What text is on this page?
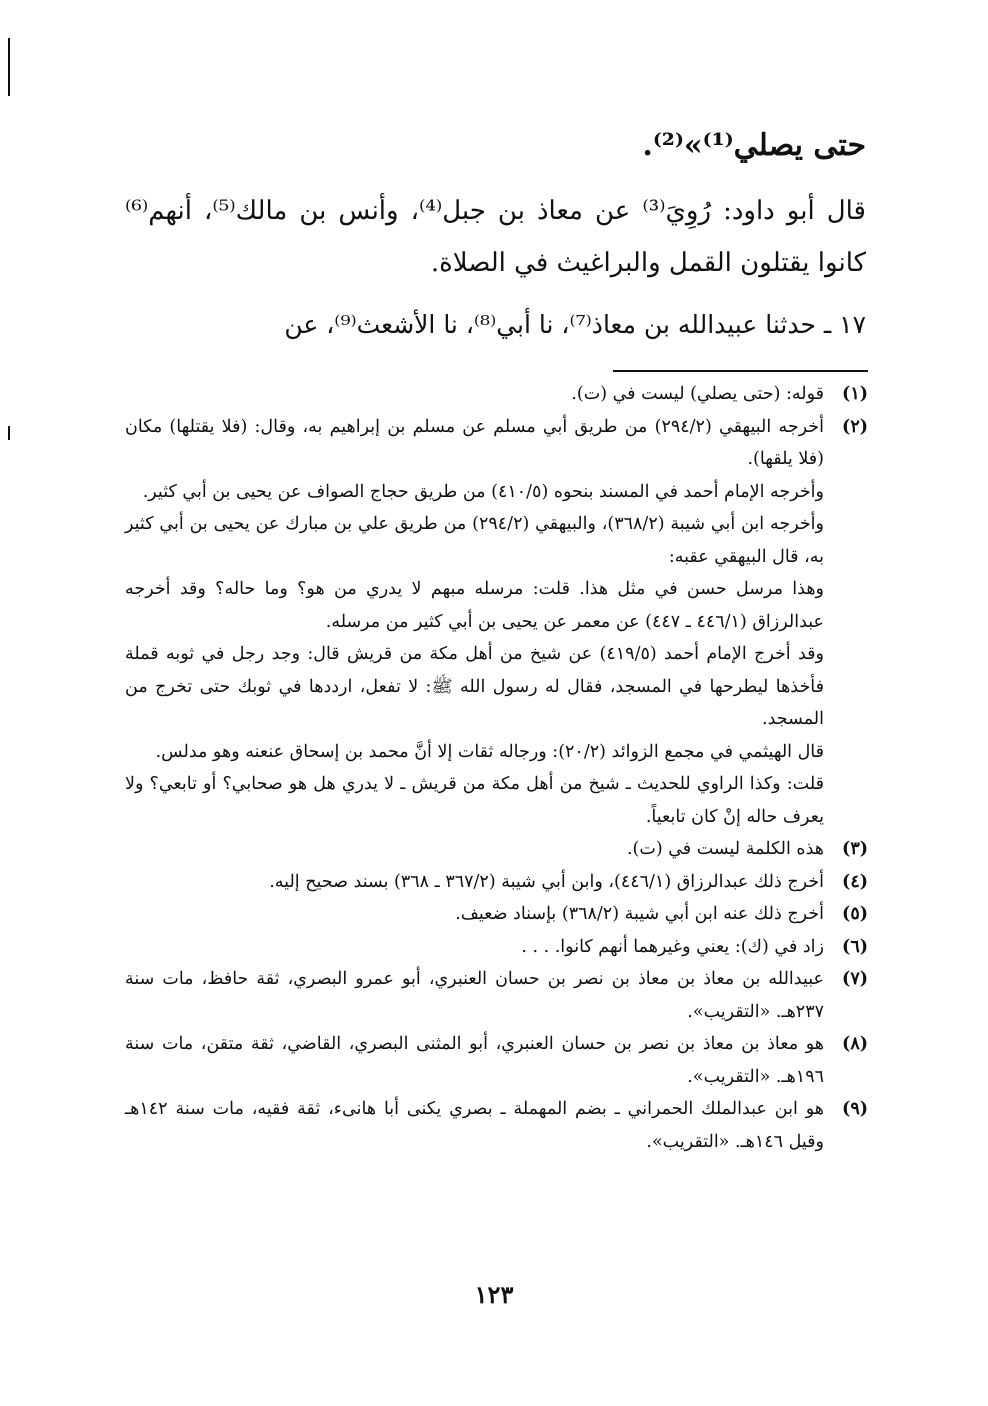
حتى يصلي⁽¹⁾»⁽²⁾.

قال أبو داود: رُوِيَ⁽³⁾ عن معاذ بن جبل⁽⁴⁾، وأنس بن مالك⁽⁵⁾، أنهم⁽⁶⁾ كانوا يقتلون القمل والبراغيث في الصلاة.

١٧ ـ حدثنا عبيدالله بن معاذ⁽⁷⁾، نا أبي⁽⁸⁾، نا الأشعث⁽⁹⁾، عن

(١)

قوله: (حتى يصلي) ليست في (ت).

(٢)

أخرجه البيهقي (٢٩٤/٢) من طريق أبي مسلم عن مسلم بن إبراهيم به، وقال: (فلا يقتلها) مكان (فلا يلقها).

وأخرجه الإمام أحمد في المسند بنحوه (٤١٠/٥) من طريق حجاج الصواف عن يحيى بن أبي كثير.

وأخرجه ابن أبي شيبة (٣٦٨/٢)، والبيهقي (٢٩٤/٢) من طريق علي بن مبارك عن يحيى بن أبي كثير به، قال البيهقي عقبه:

وهذا مرسل حسن في مثل هذا. قلت: مرسله مبهم لا يدري من هو؟ وما حاله؟ وقد أخرجه عبدالرزاق (٤٤٦/١ ـ ٤٤٧) عن معمر عن يحيى بن أبي كثير من مرسله.

وقد أخرج الإمام أحمد (٤١٩/٥) عن شيخ من أهل مكة من قريش قال: وجد رجل في ثوبه قملة فأخذها ليطرحها في المسجد، فقال له رسول الله ﷺ: لا تفعل، ارددها في ثوبك حتى تخرج من المسجد.

قال الهيثمي في مجمع الزوائد (٢٠/٢): ورجاله ثقات إلا أنَّ محمد بن إسحاق عنعنه وهو مدلس.

قلت: وكذا الراوي للحديث ـ شيخ من أهل مكة من قريش ـ لا يدري هل هو صحابي؟ أو تابعي؟ ولا يعرف حاله إنْ كان تابعياً.

(٣)

هذه الكلمة ليست في (ت).

(٤)

أخرج ذلك عبدالرزاق (٤٤٦/١)، وابن أبي شيبة (٣٦٧/٢ ـ ٣٦٨) بسند صحيح إليه.

(٥)

أخرج ذلك عنه ابن أبي شيبة (٣٦٨/٢) بإسناد ضعيف.

(٦)

زاد في (ك): يعني وغيرهما أنهم كانوا. . . .

(٧)

عبيدالله بن معاذ بن معاذ بن نصر بن حسان العنبري، أبو عمرو البصري، ثقة حافظ، مات سنة ٢٣٧هـ. «التقريب».

(٨)

هو معاذ بن معاذ بن نصر بن حسان العنبري، أبو المثنى البصري، القاضي، ثقة متقن، مات سنة ١٩٦هـ. «التقريب».

(٩)

هو ابن عبدالملك الحمراني ـ بضم المهملة ـ بصري يكنى أبا هانىء، ثقة فقيه، مات سنة ١٤٢هـ وقيل ١٤٦هـ. «التقريب».

١٢٣
